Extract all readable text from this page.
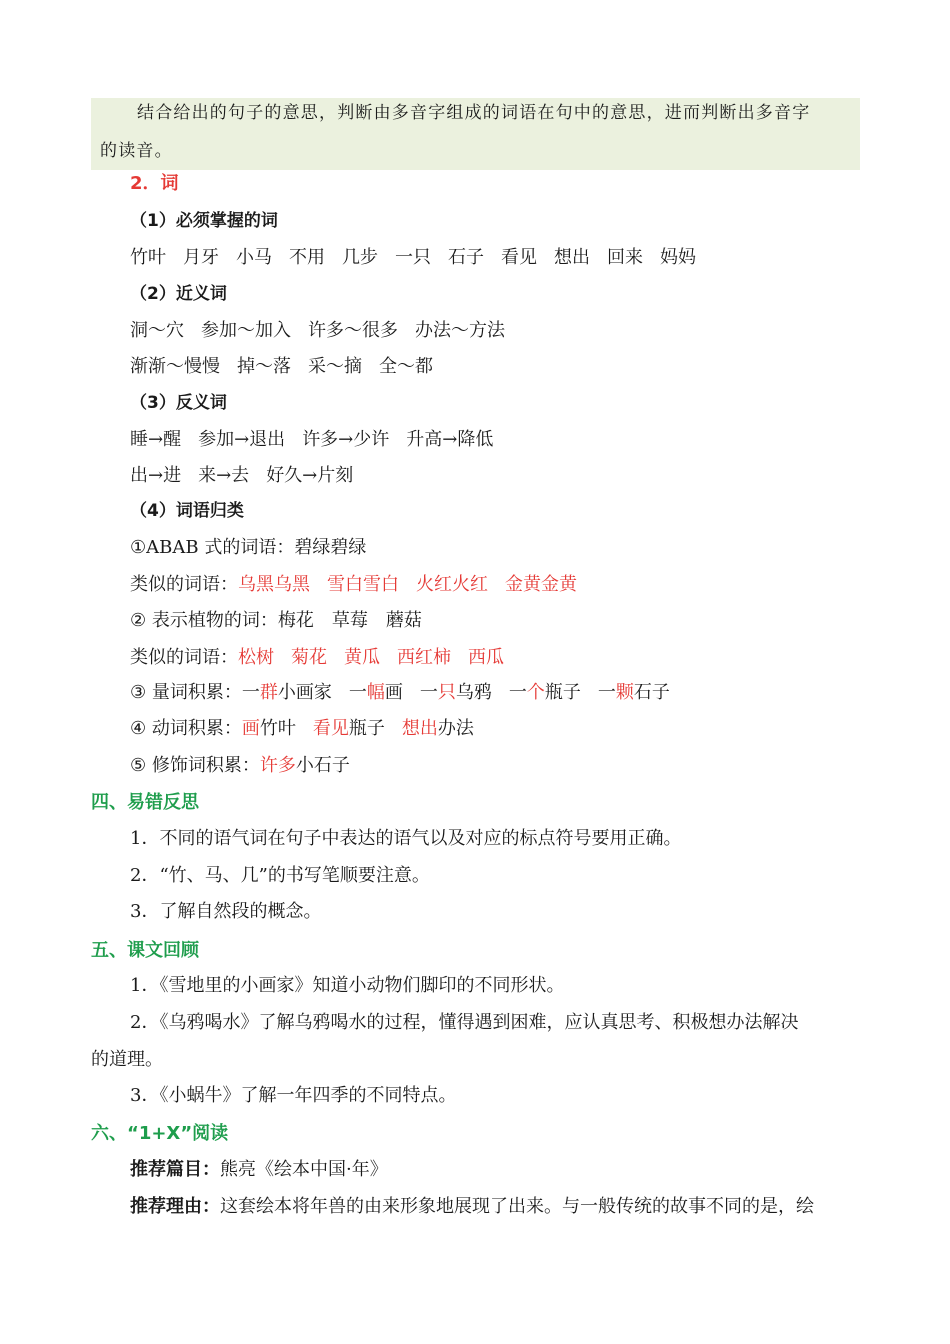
结合给出的句子的意思，判断由多音字组成的词语在句中的意思，进而判断出多音字
的读音。
2．词
（1）必须掌握的词
竹叶 月牙 小马 不用 几步 一只 石子 看见 想出 回来 妈妈
（2）近义词
洞～穴 参加～加入 许多～很多 办法～方法
渐渐～慢慢 掉～落 采～摘 全～都
（3）反义词
睡→醒 参加→退出 许多→少许 升高→降低
出→进 来→去 好久→片刻
（4）词语归类
①ABAB 式的词语：碧绿碧绿
类似的词语：乌黑乌黑 雪白雪白 火红火红 金黄金黄
② 表示植物的词：梅花　草莓　蘑菇
类似的词语：松树 菊花 黄瓜 西红柿 西瓜
③ 量词积累：一群小画家 一幅画 一只乌鸦 一个瓶子 一颗石子
④ 动词积累：画竹叶 看见瓶子 想出办法
⑤ 修饰词积累：许多小石子
四、易错反思
1．不同的语气词在句子中表达的语气以及对应的标点符号要用正确。
2．“竹、马、几”的书写笔顺要注意。
3．了解自然段的概念。
五、课文回顾
1．《雪地里的小画家》知道小动物们脚印的不同形状。
2．《乌鸦喝水》了解乌鸦喝水的过程，懂得遇到困难，应认真思考、积极想办法解决
的道理。
3．《小蜗牛》了解一年四季的不同特点。
六、“1+X”阅读
推荐篇目：熊亮《绘本中国·年》
推荐理由：这套绘本将年兽的由来形象地展现了出来。与一般传统的故事不同的是，绘
